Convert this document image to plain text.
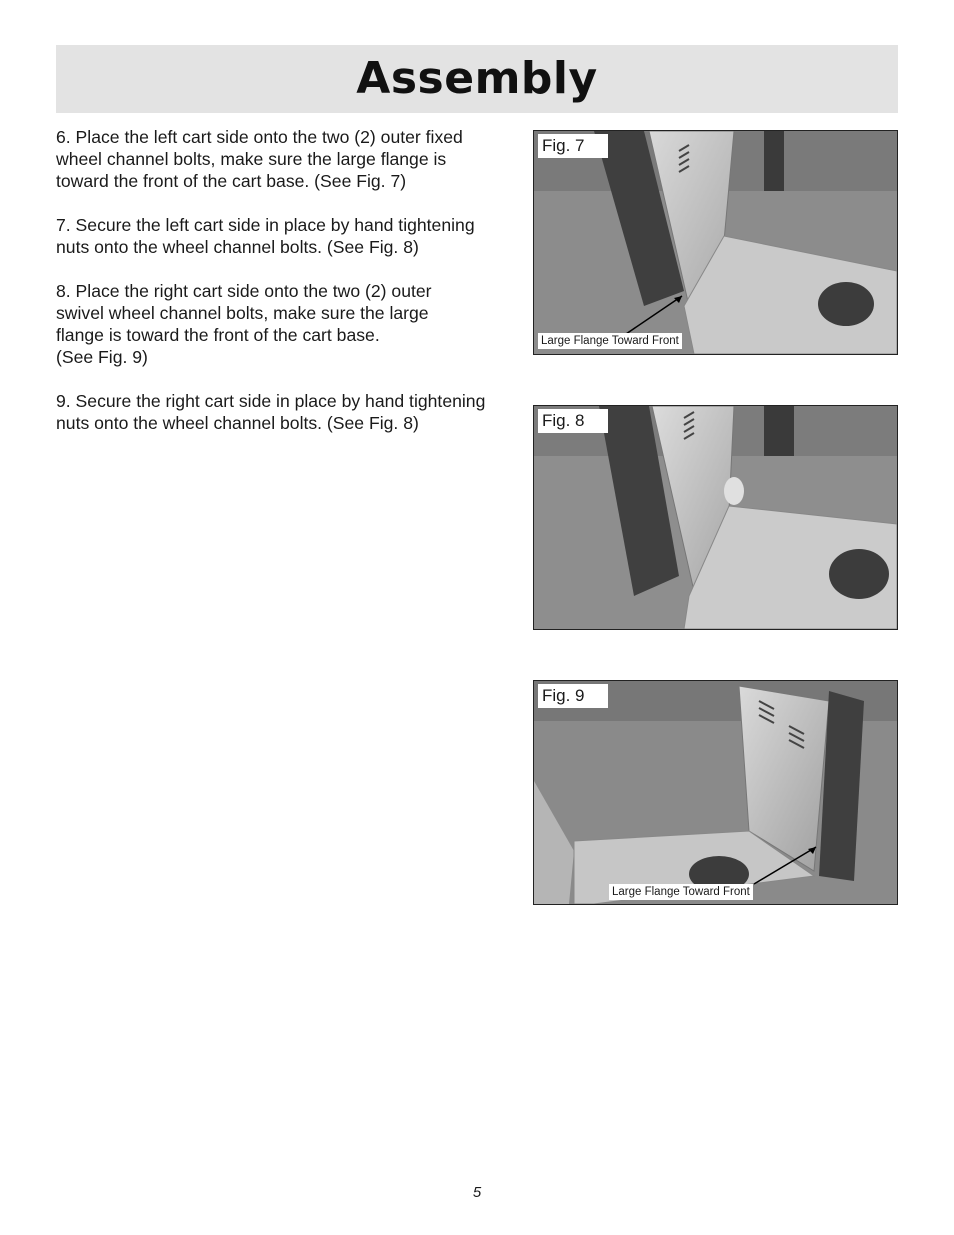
Assembly

6. Place the left cart side onto the two (2) outer fixed
wheel channel bolts, make sure the large flange is
toward the front of the cart base. (See Fig. 7)

7. Secure the left cart side in place by hand tightening
nuts onto the wheel channel bolts. (See Fig. 8)

8. Place the right cart side onto the two (2) outer
swivel wheel channel bolts, make sure the large
flange is toward the front of the cart base.
(See Fig. 9)

9. Secure the right cart side in place by hand tightening
nuts onto the wheel channel bolts. (See Fig. 8)

Fig. 7
Large Flange Toward Front
Fig. 8
Fig. 9
Large Flange Toward Front
5
